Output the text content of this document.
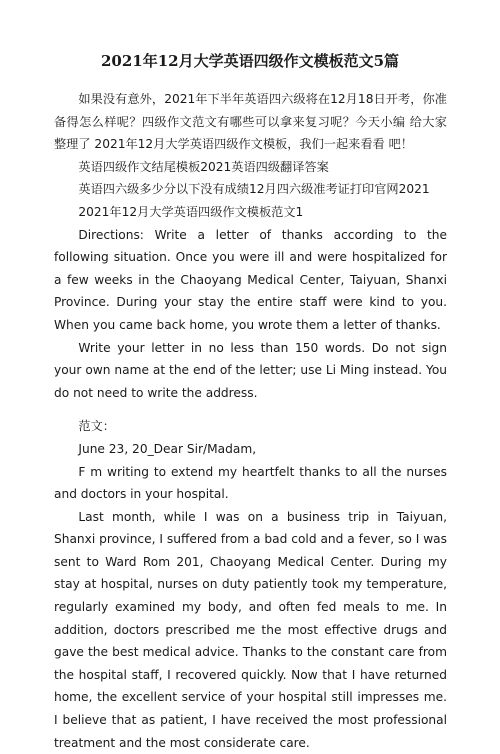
2021年12月大学英语四级作文模板范文5篇

如果没有意外，2021年下半年英语四六级将在12月18日开考，你准备得怎么样呢？四级作文范文有哪些可以拿来复习呢？今天小编 给大家整理了 2021年12月大学英语四级作文模板，我们一起来看看 吧！

英语四级作文结尾模板2021英语四级翻译答案

英语四六级多少分以下没有成绩12月四六级准考证打印官网2021

2021年12月大学英语四级作文模板范文1

Directions: Write a letter of thanks according to the following situation. Once you were ill and were hospitalized for a few weeks in the Chaoyang Medical Center, Taiyuan, Shanxi Province. During your stay the entire staff were kind to you. When you came back home, you wrote them a letter of thanks.

Write your letter in no less than 150 words. Do not sign your own name at the end of the letter; use Li Ming instead. You do not need to write the address.

范文：

June 23, 20_Dear Sir/Madam,

F m writing to extend my heartfelt thanks to all the nurses and doctors in your hospital.

Last month, while I was on a business trip in Taiyuan, Shanxi province, I suffered from a bad cold and a fever, so I was sent to Ward Rom 201, Chaoyang Medical Center. During my stay at hospital, nurses on duty patiently took my temperature, regularly examined my body, and often fed meals to me. In addition, doctors prescribed me the most effective drugs and gave the best medical advice. Thanks to the constant care from the hospital staff, I recovered quickly. Now that I have returned home, the excellent service of your hospital still impresses me. I believe that as patient, I have received the most professional treatment and the most considerate care.
